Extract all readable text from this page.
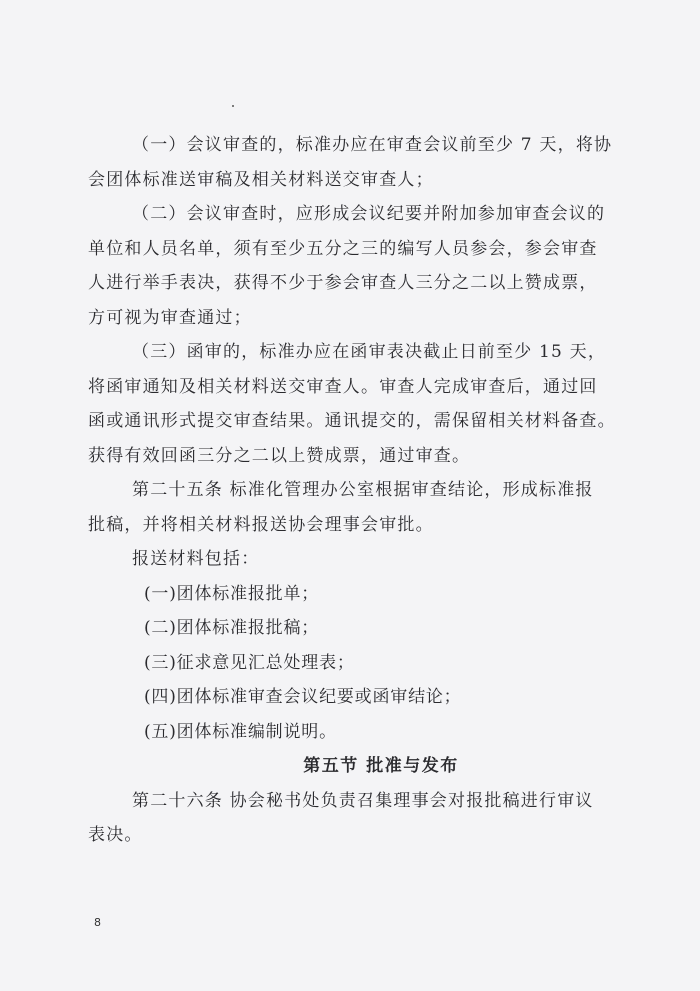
（一）会议审查的，标准办应在审查会议前至少 7 天，将协

会团体标准送审稿及相关材料送交审查人；

（二）会议审查时，应形成会议纪要并附加参加审查会议的

单位和人员名单，须有至少五分之三的编写人员参会，参会审查

人进行举手表决，获得不少于参会审查人三分之二以上赞成票，

方可视为审查通过；

（三）函审的，标准办应在函审表决截止日前至少 15 天，

将函审通知及相关材料送交审查人。审查人完成审查后，通过回

函或通讯形式提交审查结果。通讯提交的，需保留相关材料备查。

获得有效回函三分之二以上赞成票，通过审查。

第二十五条 标准化管理办公室根据审查结论，形成标准报

批稿，并将相关材料报送协会理事会审批。

报送材料包括：

(一)团体标准报批单；

(二)团体标准报批稿；

(三)征求意见汇总处理表；

(四)团体标准审查会议纪要或函审结论；

(五)团体标准编制说明。

第五节 批准与发布

第二十六条 协会秘书处负责召集理事会对报批稿进行审议

表决。

8
